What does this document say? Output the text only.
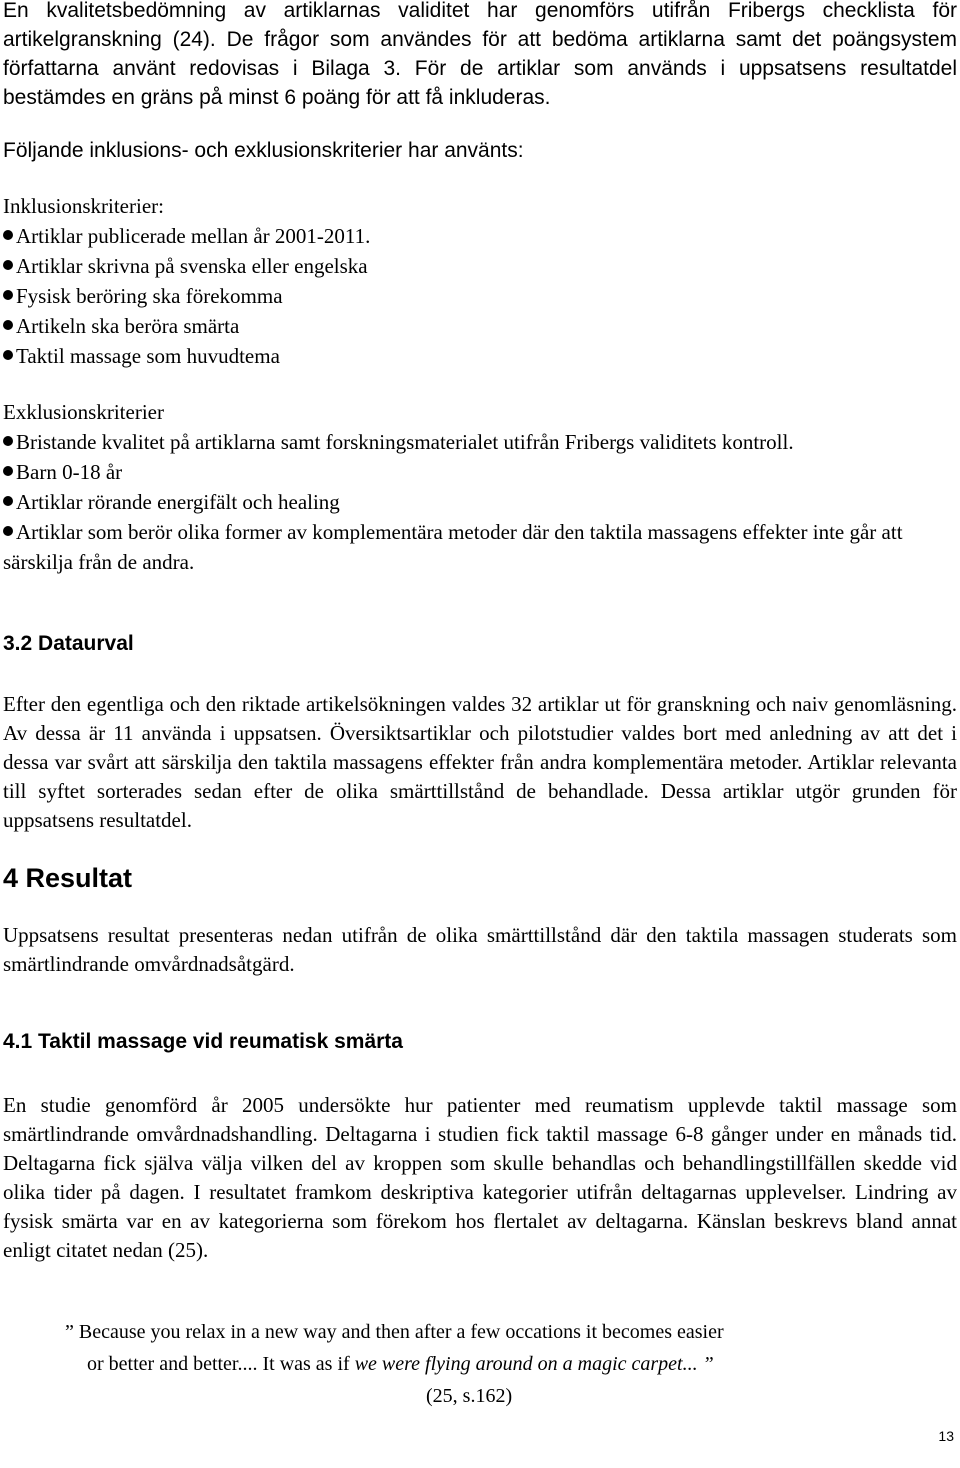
En kvalitetsbedömning av artiklarnas validitet har genomförs utifrån Fribergs checklista för artikelgranskning (24). De frågor som användes för att bedöma artiklarna samt det poängsystem författarna använt redovisas i Bilaga 3. För de artiklar som används i uppsatsens resultatdel bestämdes en gräns på minst 6 poäng för att få inkluderas.

Följande inklusions- och exklusionskriterier har använts:
Inklusionskriterier:
Artiklar publicerade mellan år 2001-2011.
Artiklar skrivna på svenska eller engelska
Fysisk beröring ska förekomma
Artikeln ska beröra smärta
Taktil massage som huvudtema
Exklusionskriterier
Bristande kvalitet på artiklarna samt forskningsmaterialet utifrån Fribergs validitets kontroll.
Barn 0-18 år
Artiklar rörande energifält och healing
Artiklar som berör olika former av komplementära metoder där den taktila massagens effekter inte går att särskilja från de andra.
3.2 Dataurval

Efter den egentliga och den riktade artikelsökningen valdes 32 artiklar ut för granskning och naiv genomläsning. Av dessa är 11 använda i uppsatsen. Översiktsartiklar och pilotstudier valdes bort med anledning av att det i dessa var svårt att särskilja den taktila massagens effekter från andra komplementära metoder. Artiklar relevanta till syftet sorterades sedan efter de olika smärttillstånd de behandlade. Dessa artiklar utgör grunden för uppsatsens resultatdel.

4 Resultat

Uppsatsens resultat presenteras nedan utifrån de olika smärttillstånd där den taktila massagen studerats som smärtlindrande omvårdnadsåtgärd.

4.1 Taktil massage vid reumatisk smärta

En studie genomförd år 2005 undersökte hur patienter med reumatism upplevde taktil massage som smärtlindrande omvårdnadshandling. Deltagarna i studien fick taktil massage 6-8 gånger under en månads tid. Deltagarna fick själva välja vilken del av kroppen som skulle behandlas och behandlingstillfällen skedde vid olika tider på dagen. I resultatet framkom deskriptiva kategorier utifrån deltagarnas upplevelser. Lindring av fysisk smärta var en av kategorierna som förekom hos flertalet av deltagarna. Känslan beskrevs bland annat enligt citatet nedan (25).

” Because you relax in a new way and then after a few occations it becomes easier
or better and better.... It was as if we were flying around on a magic carpet... ”
(25, s.162)
13
